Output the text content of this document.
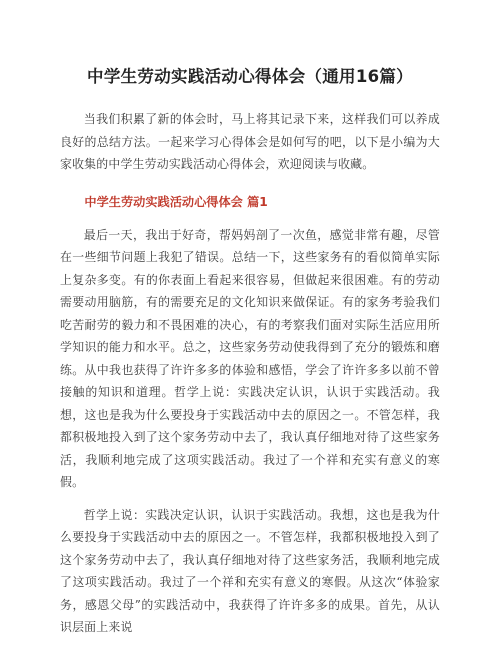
中学生劳动实践活动心得体会（通用16篇）

当我们积累了新的体会时，马上将其记录下来，这样我们可以养成良好的总结方法。一起来学习心得体会是如何写的吧，以下是小编为大家收集的中学生劳动实践活动心得体会，欢迎阅读与收藏。

中学生劳动实践活动心得体会 篇1

最后一天，我出于好奇，帮妈妈剖了一次鱼，感觉非常有趣，尽管在一些细节问题上我犯了错误。总结一下，这些家务有的看似简单实际上复杂多变。有的你表面上看起来很容易，但做起来很困难。有的劳动需要动用脑筋，有的需要充足的文化知识来做保证。有的家务考验我们吃苦耐劳的毅力和不畏困难的决心，有的考察我们面对实际生活应用所学知识的能力和水平。总之，这些家务劳动使我得到了充分的锻炼和磨练。从中我也获得了许许多多的体验和感悟，学会了许许多多以前不曾接触的知识和道理。哲学上说：实践决定认识，认识于实践活动。我想，这也是我为什么要投身于实践活动中去的原因之一。不管怎样，我都积极地投入到了这个家务劳动中去了，我认真仔细地对待了这些家务活，我顺利地完成了这项实践活动。我过了一个祥和充实有意义的寒假。

哲学上说：实践决定认识，认识于实践活动。我想，这也是我为什么要投身于实践活动中去的原因之一。不管怎样，我都积极地投入到了这个家务劳动中去了，我认真仔细地对待了这些家务活，我顺利地完成了这项实践活动。我过了一个祥和充实有意义的寒假。从这次“体验家务，感恩父母”的实践活动中，我获得了许许多多的成果。首先，从认识层面上来说
